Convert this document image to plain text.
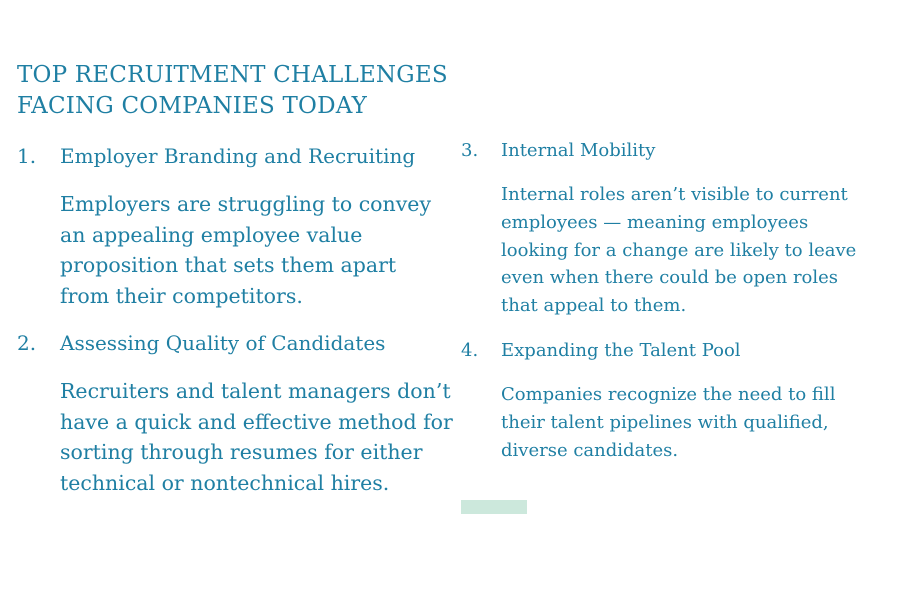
TOP RECRUITMENT CHALLENGES
FACING COMPANIES TODAY
1. Employer Branding and Recruiting
Employers are struggling to convey
an appealing employee value
proposition that sets them apart
from their competitors.
2. Assessing Quality of Candidates
Recruiters and talent managers don’t
have a quick and effective method for
sorting through resumes for either
technical or nontechnical hires.
3. Internal Mobility
Internal roles aren’t visible to current
employees — meaning employees
looking for a change are likely to leave
even when there could be open roles
that appeal to them.
4. Expanding the Talent Pool
Companies recognize the need to fill
their talent pipelines with qualified,
diverse candidates.
